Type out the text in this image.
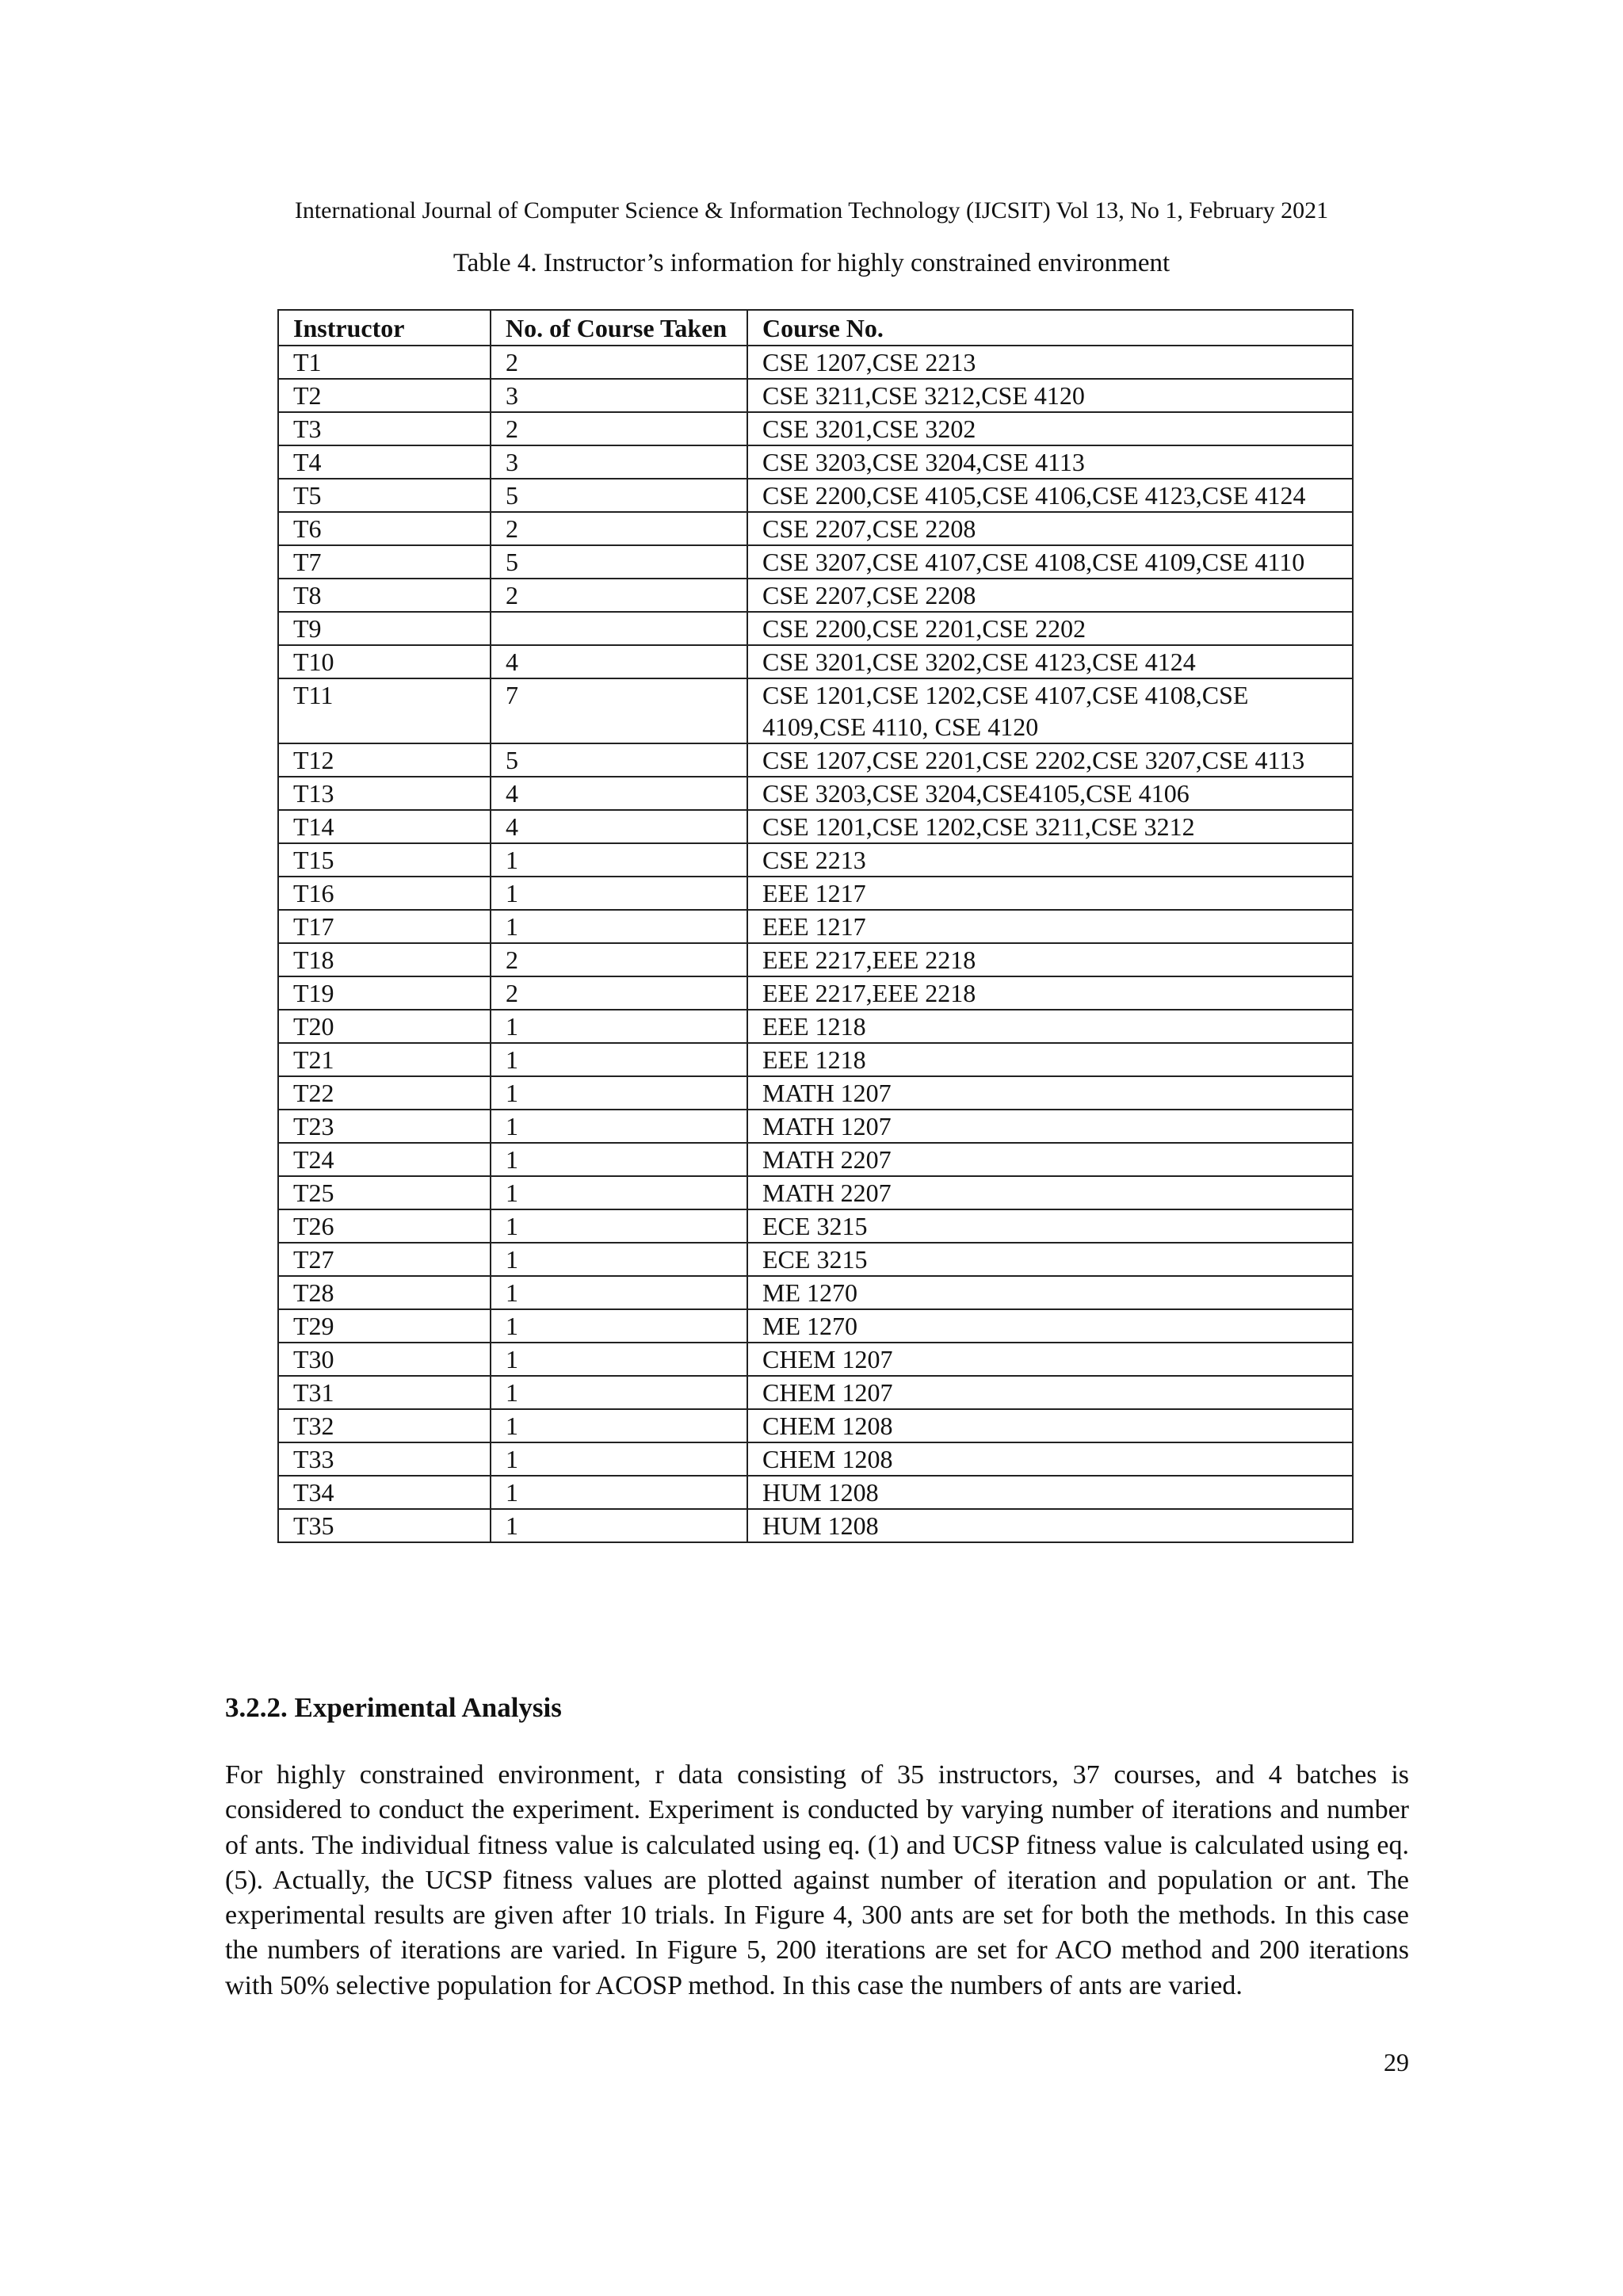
International Journal of Computer Science & Information Technology (IJCSIT) Vol 13, No 1, February 2021
Table 4. Instructor’s information for highly constrained environment
Instructor	No. of Course Taken	Course No.
T1	2	CSE 1207,CSE 2213
T2	3	CSE 3211,CSE 3212,CSE 4120
T3	2	CSE 3201,CSE 3202
T4	3	CSE 3203,CSE 3204,CSE 4113
T5	5	CSE 2200,CSE 4105,CSE 4106,CSE 4123,CSE 4124
T6	2	CSE 2207,CSE 2208
T7	5	CSE 3207,CSE 4107,CSE 4108,CSE 4109,CSE 4110
T8	2	CSE 2207,CSE 2208
T9		CSE 2200,CSE 2201,CSE 2202
T10	4	CSE 3201,CSE 3202,CSE 4123,CSE 4124
T11	7	CSE 1201,CSE 1202,CSE 4107,CSE 4108,CSE 4109,CSE 4110, CSE 4120
T12	5	CSE 1207,CSE 2201,CSE 2202,CSE 3207,CSE 4113
T13	4	CSE 3203,CSE 3204,CSE4105,CSE 4106
T14	4	CSE 1201,CSE 1202,CSE 3211,CSE 3212
T15	1	CSE 2213
T16	1	EEE 1217
T17	1	EEE 1217
T18	2	EEE 2217,EEE 2218
T19	2	EEE 2217,EEE 2218
T20	1	EEE 1218
T21	1	EEE 1218
T22	1	MATH 1207
T23	1	MATH 1207
T24	1	MATH 2207
T25	1	MATH 2207
T26	1	ECE 3215
T27	1	ECE 3215
T28	1	ME 1270
T29	1	ME 1270
T30	1	CHEM 1207
T31	1	CHEM 1207
T32	1	CHEM 1208
T33	1	CHEM 1208
T34	1	HUM 1208
T35	1	HUM 1208
3.2.2. Experimental Analysis

For highly constrained environment, r data consisting of 35 instructors, 37 courses, and 4 batches is considered to conduct the experiment. Experiment is conducted by varying number of iterations and number of ants. The individual fitness value is calculated using eq. (1) and UCSP fitness value is calculated using eq. (5). Actually, the UCSP fitness values are plotted against number of iteration and population or ant. The experimental results are given after 10 trials. In Figure 4, 300 ants are set for both the methods. In this case the numbers of iterations are varied. In Figure 5, 200 iterations are set for ACO method and 200 iterations with 50% selective population for ACOSP method. In this case the numbers of ants are varied.

29
